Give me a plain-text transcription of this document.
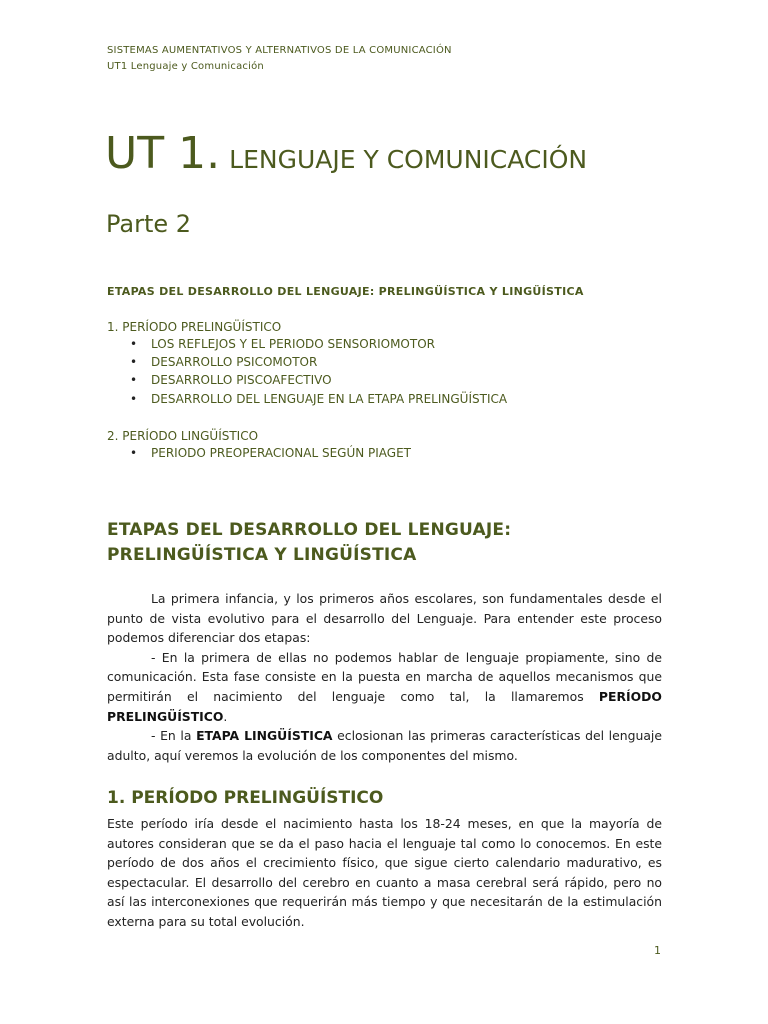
SISTEMAS AUMENTATIVOS Y ALTERNATIVOS DE LA COMUNICACIÓN
UT1 Lenguaje y Comunicación
UT 1. LENGUAJE Y COMUNICACIÓN
Parte 2
ETAPAS DEL DESARROLLO DEL LENGUAJE: PRELINGÜÍSTICA Y LINGÜÍSTICA
1. PERÍODO PRELINGÜÍSTICO
• LOS REFLEJOS Y EL PERIODO SENSORIOMOTOR
• DESARROLLO PSICOMOTOR
• DESARROLLO PISCOAFECTIVO
• DESARROLLO DEL LENGUAJE EN LA ETAPA PRELINGÜÍSTICA
2. PERÍODO LINGÜÍSTICO
• PERIODO PREOPERACIONAL SEGÚN PIAGET
ETAPAS DEL DESARROLLO DEL LENGUAJE: PRELINGÜÍSTICA Y LINGÜÍSTICA

La primera infancia, y los primeros años escolares, son fundamentales desde el punto de vista evolutivo para el desarrollo del Lenguaje. Para entender este proceso podemos diferenciar dos etapas:

- En la primera de ellas no podemos hablar de lenguaje propiamente, sino de comunicación. Esta fase consiste en la puesta en marcha de aquellos mecanismos que permitirán el nacimiento del lenguaje como tal, la llamaremos PERÍODO PRELINGÜÍSTICO.

- En la ETAPA LINGÜÍSTICA eclosionan las primeras características del lenguaje adulto, aquí veremos la evolución de los componentes del mismo.

1. PERÍODO PRELINGÜÍSTICO

Este período iría desde el nacimiento hasta los 18-24 meses, en que la mayoría de autores consideran que se da el paso hacia el lenguaje tal como lo conocemos. En este período de dos años el crecimiento físico, que sigue cierto calendario madurativo, es espectacular. El desarrollo del cerebro en cuanto a masa cerebral será rápido, pero no así las interconexiones que requerirán más tiempo y que necesitarán de la estimulación externa para su total evolución.

1
